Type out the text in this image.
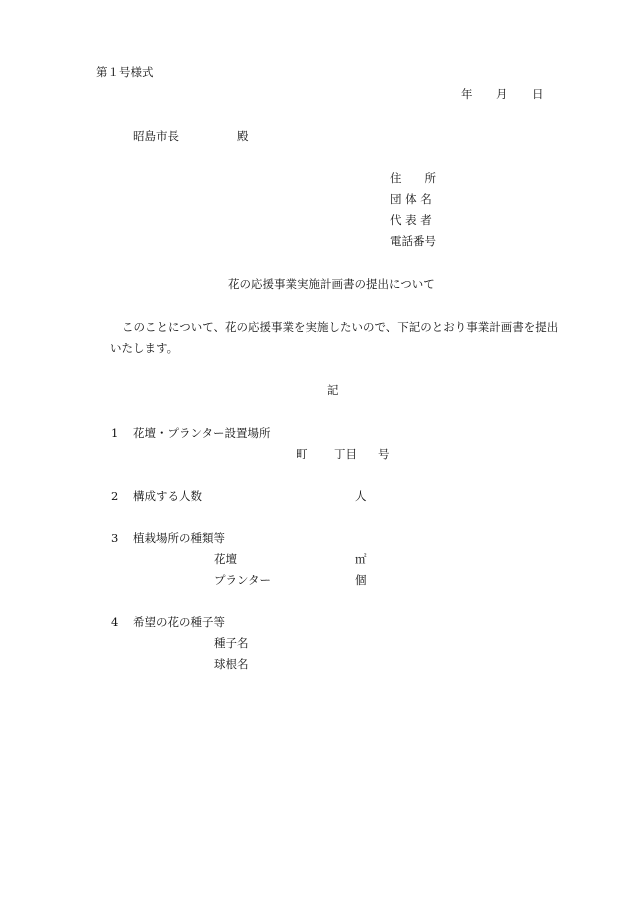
第１号様式
年 月 日
昭島市長	殿
住　　所
団 体 名
代 表 者
電話番号
花の応援事業実施計画書の提出について
このことについて、花の応援事業を実施したいので、下記のとおり事業計画書を提出
いたします。
記
1 花壇・プランター設置場所
町 丁目 号
2 構成する人数	人
3 植栽場所の種類等
花壇	㎡
プランター	個
4 希望の花の種子等
種子名
球根名
